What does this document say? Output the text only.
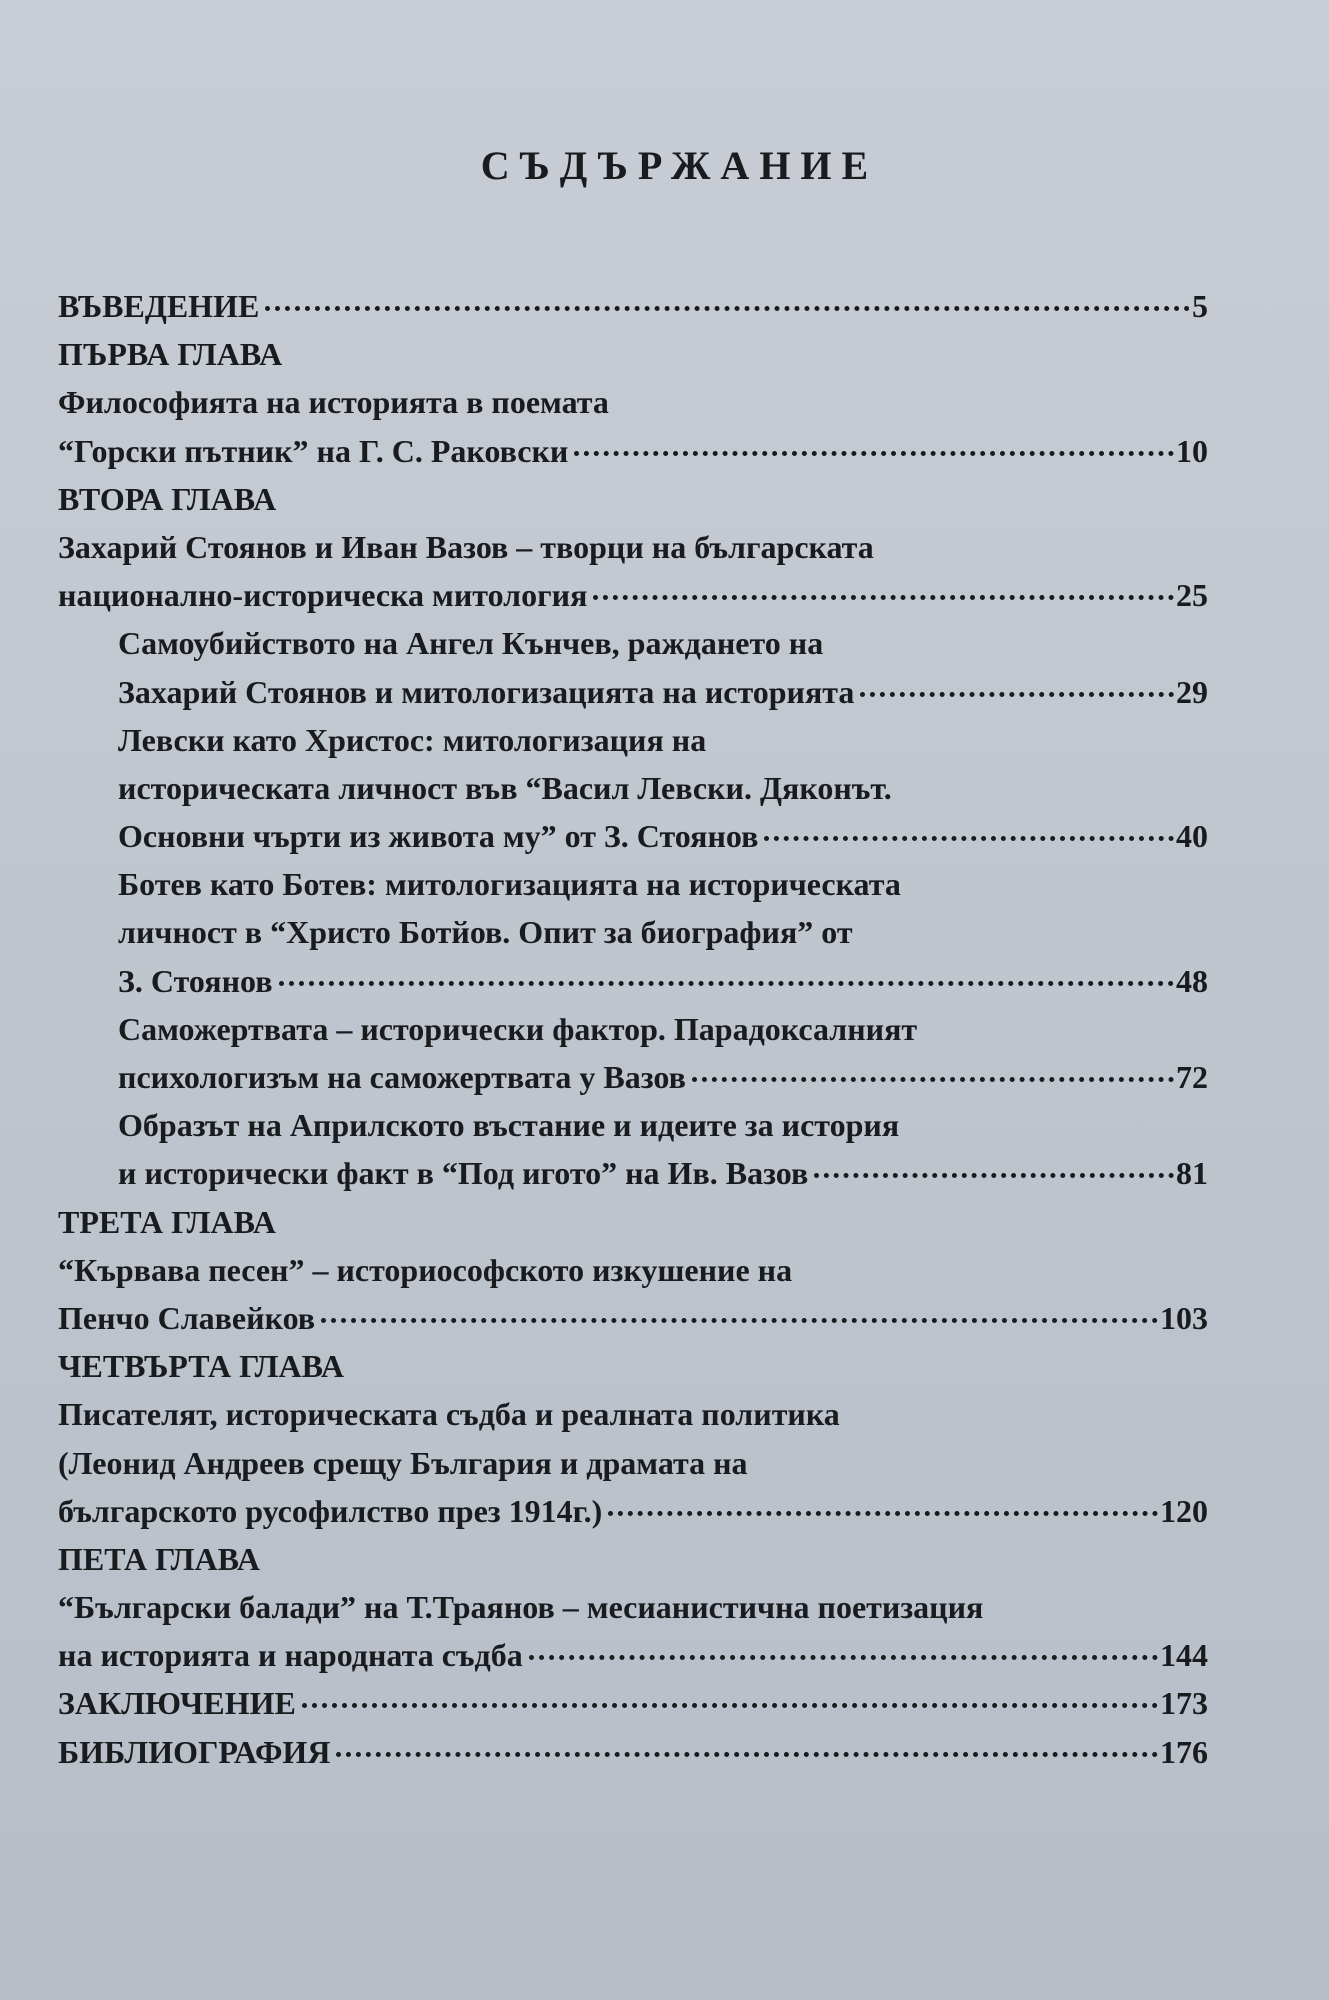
СЪДЪРЖАНИЕ
ВЪВЕДЕНИЕ	5
ПЪРВА ГЛАВА
Философията на историята в поемата
“Горски пътник” на Г. С. Раковски	10
ВТОРА ГЛАВА
Захарий Стоянов и Иван Вазов – творци на българската
национално-историческа митология	25
Самоубийството на Ангел Кънчев, раждането на
Захарий Стоянов и митологизацията на историята	29
Левски като Христос: митологизация на
историческата личност във “Васил Левски. Дяконът.
Основни чърти из живота му” от З. Стоянов	40
Ботев като Ботев: митологизацията на историческата
личност в “Христо Ботйов. Опит за биография” от
З. Стоянов	48
Саможертвата – исторически фактор. Парадоксалният
психологизъм на саможертвата у Вазов	72
Образът на Априлското въстание и идеите за история
и исторически факт в “Под игото” на Ив. Вазов	81
ТРЕТА ГЛАВА
“Кървава песен” – историософското изкушение на
Пенчо Славейков	103
ЧЕТВЪРТА ГЛАВА
Писателят, историческата съдба и реалната политика
(Леонид Андреев срещу България и драмата на
българското русофилство през 1914г.)	120
ПЕТА ГЛАВА
“Български балади” на Т.Траянов – месианистична поетизация
на историята и народната съдба	144
ЗАКЛЮЧЕНИЕ	173
БИБЛИОГРАФИЯ	176
